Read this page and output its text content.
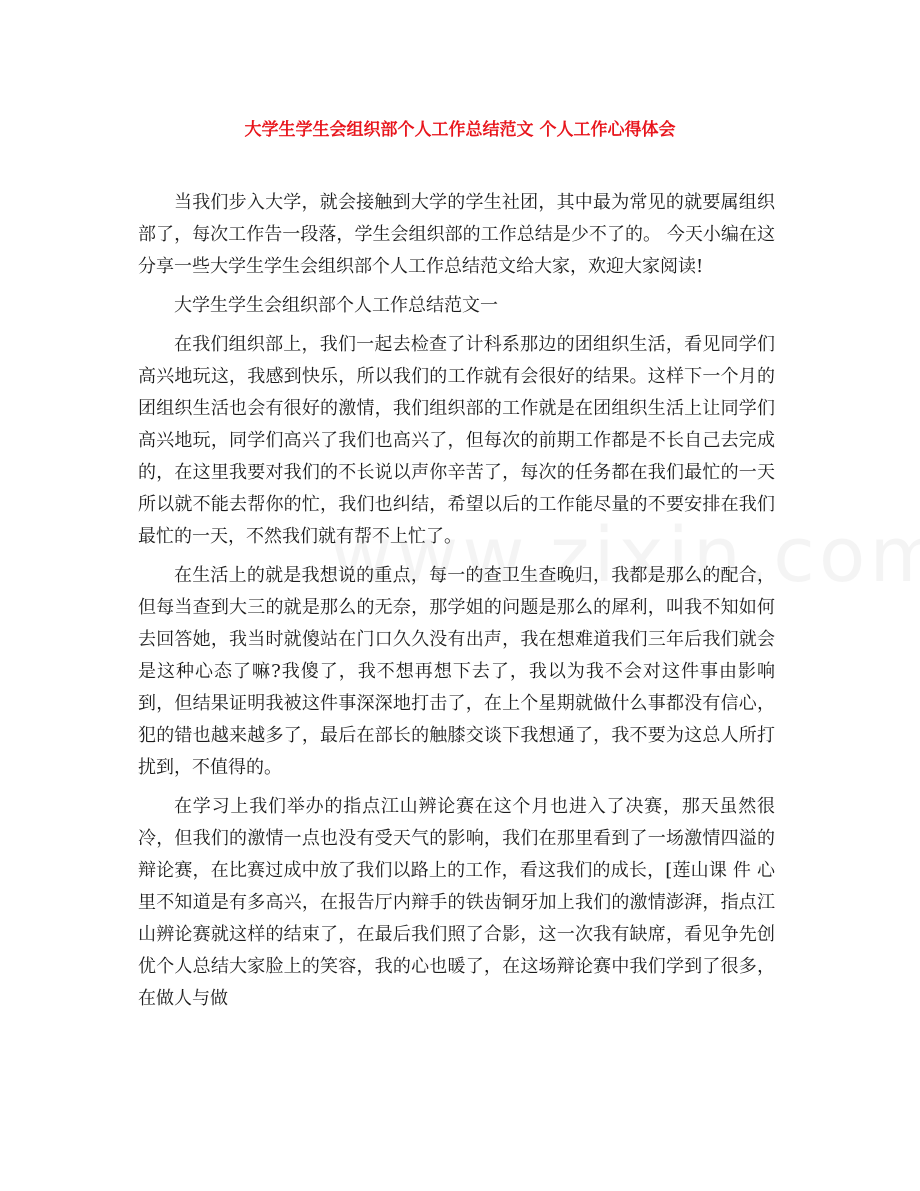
大学生学生会组织部个人工作总结范文 个人工作心得体会

当我们步入大学，就会接触到大学的学生社团，其中最为常见的就要属组织部了，每次工作告一段落，学生会组织部的工作总结是少不了的。 今天小编在这分享一些大学生学生会组织部个人工作总结范文给大家，欢迎大家阅读!

大学生学生会组织部个人工作总结范文一

在我们组织部上，我们一起去检查了计科系那边的团组织生活，看见同学们高兴地玩这，我感到快乐，所以我们的工作就有会很好的结果。这样下一个月的团组织生活也会有很好的激情，我们组织部的工作就是在团组织生活上让同学们高兴地玩，同学们高兴了我们也高兴了，但每次的前期工作都是不长自己去完成的，在这里我要对我们的不长说以声你辛苦了，每次的任务都在我们最忙的一天所以就不能去帮你的忙，我们也纠结，希望以后的工作能尽量的不要安排在我们最忙的一天，不然我们就有帮不上忙了。

在生活上的就是我想说的重点，每一的查卫生查晚归，我都是那么的配合，但每当查到大三的就是那么的无奈，那学姐的问题是那么的犀利，叫我不知如何去回答她，我当时就傻站在门口久久没有出声，我在想难道我们三年后我们就会是这种心态了嘛?我傻了，我不想再想下去了，我以为我不会对这件事由影响到，但结果证明我被这件事深深地打击了，在上个星期就做什么事都没有信心，犯的错也越来越多了，最后在部长的触膝交谈下我想通了，我不要为这总人所打扰到，不值得的。

在学习上我们举办的指点江山辨论赛在这个月也进入了决赛，那天虽然很冷，但我们的激情一点也没有受天气的影响，我们在那里看到了一场激情四溢的辩论赛，在比赛过成中放了我们以路上的工作，看这我们的成长，[莲山课 件 心里不知道是有多高兴，在报告厅内辩手的铁齿铜牙加上我们的激情澎湃，指点江山辨论赛就这样的结束了，在最后我们照了合影，这一次我有缺席，看见争先创优个人总结大家脸上的笑容，我的心也暖了，在这场辩论赛中我们学到了很多，在做人与做
